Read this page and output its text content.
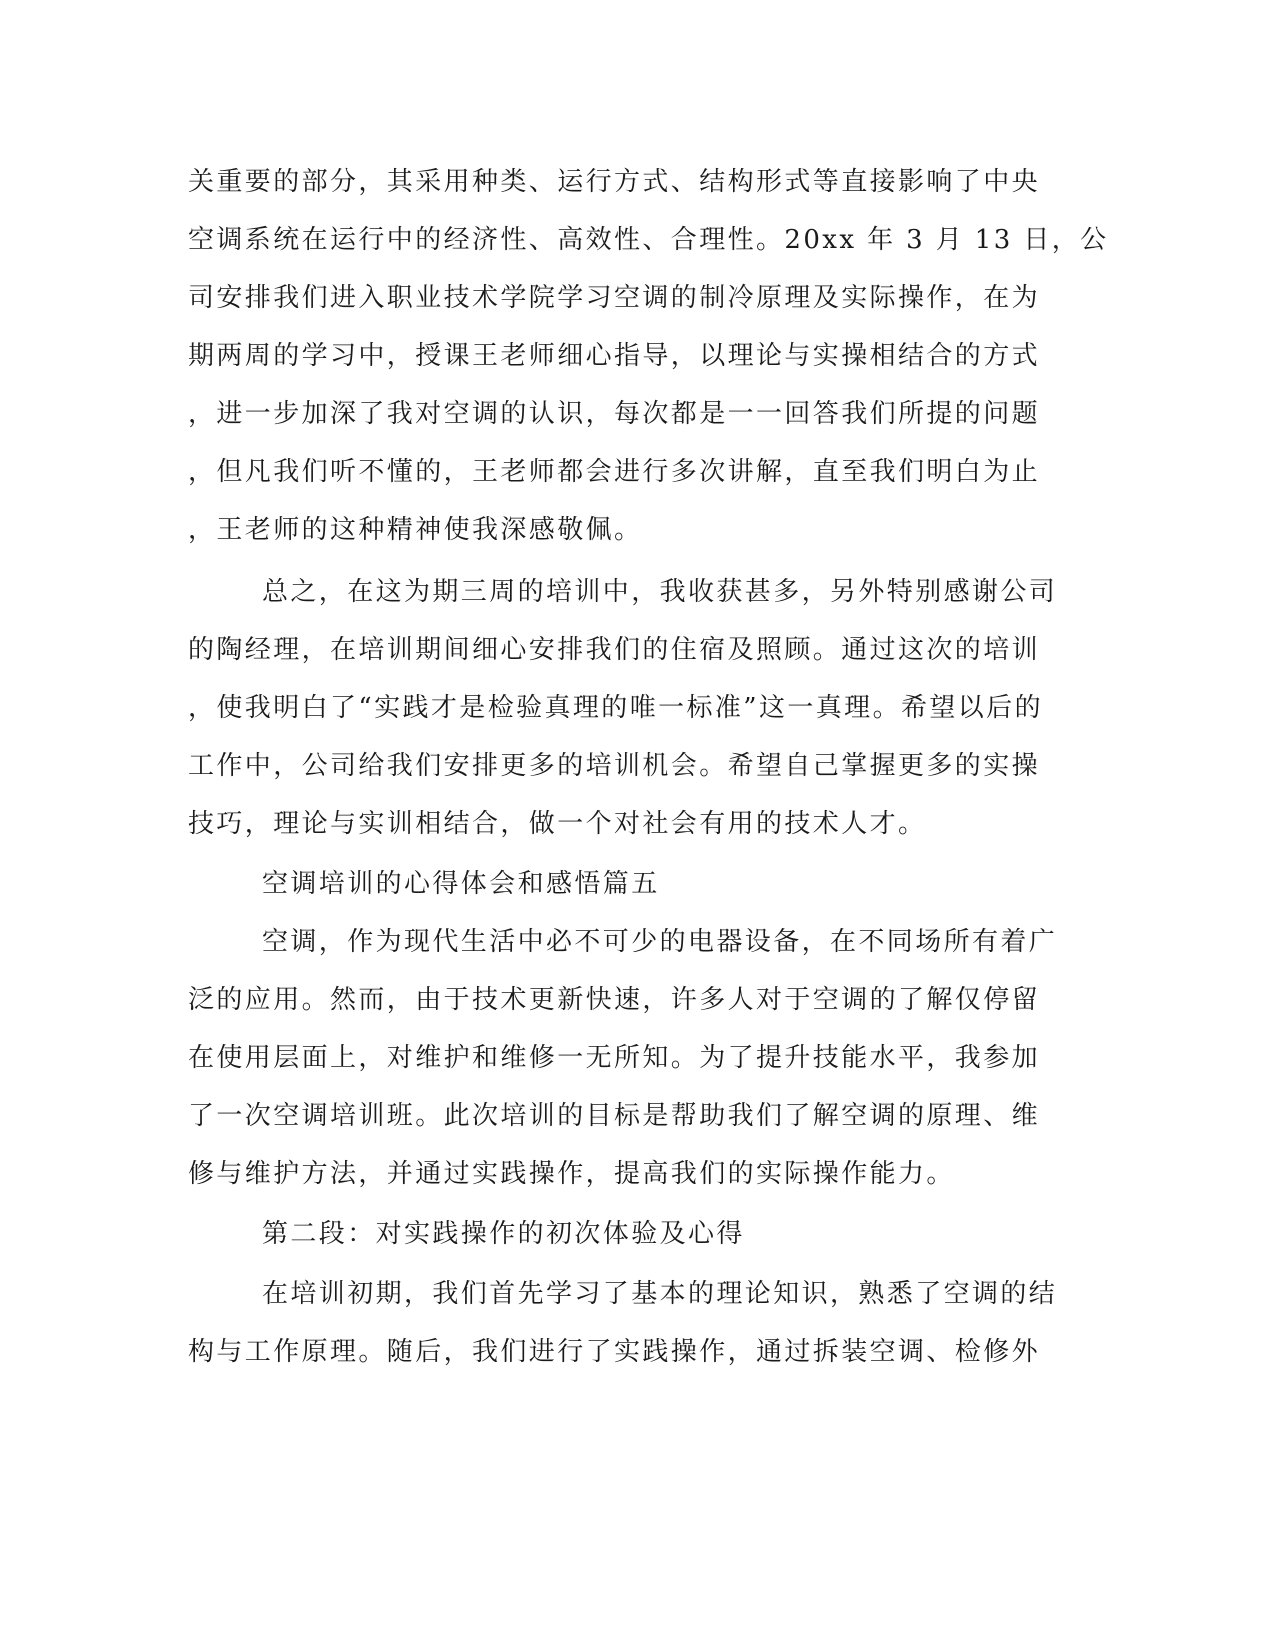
关重要的部分，其采用种类、运行方式、结构形式等直接影响了中央
空调系统在运行中的经济性、高效性、合理性。20xx 年 3 月 13 日，公
司安排我们进入职业技术学院学习空调的制冷原理及实际操作，在为
期两周的学习中，授课王老师细心指导，以理论与实操相结合的方式
，进一步加深了我对空调的认识，每次都是一一回答我们所提的问题
，但凡我们听不懂的，王老师都会进行多次讲解，直至我们明白为止
，王老师的这种精神使我深感敬佩。
总之，在这为期三周的培训中，我收获甚多，另外特别感谢公司
的陶经理，在培训期间细心安排我们的住宿及照顾。通过这次的培训
，使我明白了“实践才是检验真理的唯一标准”这一真理。希望以后的
工作中，公司给我们安排更多的培训机会。希望自己掌握更多的实操
技巧，理论与实训相结合，做一个对社会有用的技术人才。
空调培训的心得体会和感悟篇五
空调，作为现代生活中必不可少的电器设备，在不同场所有着广
泛的应用。然而，由于技术更新快速，许多人对于空调的了解仅停留
在使用层面上，对维护和维修一无所知。为了提升技能水平，我参加
了一次空调培训班。此次培训的目标是帮助我们了解空调的原理、维
修与维护方法，并通过实践操作，提高我们的实际操作能力。
第二段：对实践操作的初次体验及心得
在培训初期，我们首先学习了基本的理论知识，熟悉了空调的结
构与工作原理。随后，我们进行了实践操作，通过拆装空调、检修外
